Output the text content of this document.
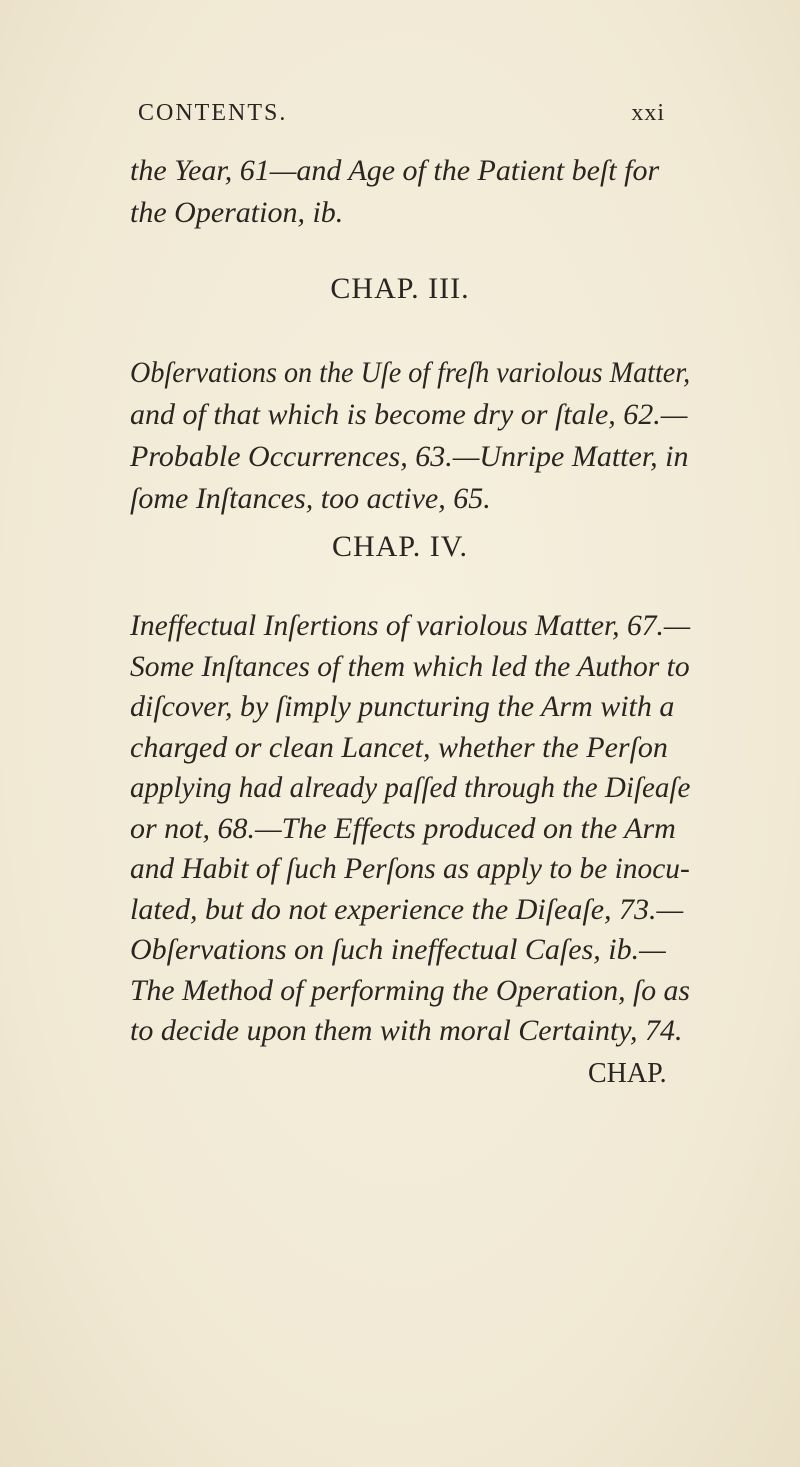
CONTENTS.	xxi
the Year, 61—and Age of the Patient beſt for
the Operation, ib.
CHAP. III.
Obſervations on the Uſe of freſh variolous Matter,
and of that which is become dry or ſtale, 62.—
Probable Occurrences, 63.—Unripe Matter, in
ſome Inſtances, too active, 65.
CHAP. IV.
Ineffectual Inſertions of variolous Matter, 67.— Some Inſtances of them which led the Author to
diſcover, by ſimply puncturing the Arm with a
charged or clean Lancet, whether the Perſon
applying had already paſſed through the Diſeaſe
or not, 68.—The Effects produced on the Arm
and Habit of ſuch Perſons as apply to be inocu-
lated, but do not experience the Diſeaſe, 73.—
Obſervations on ſuch ineffectual Caſes, ib.—
The Method of performing the Operation, ſo as
to decide upon them with moral Certainty, 74.
CHAP.
